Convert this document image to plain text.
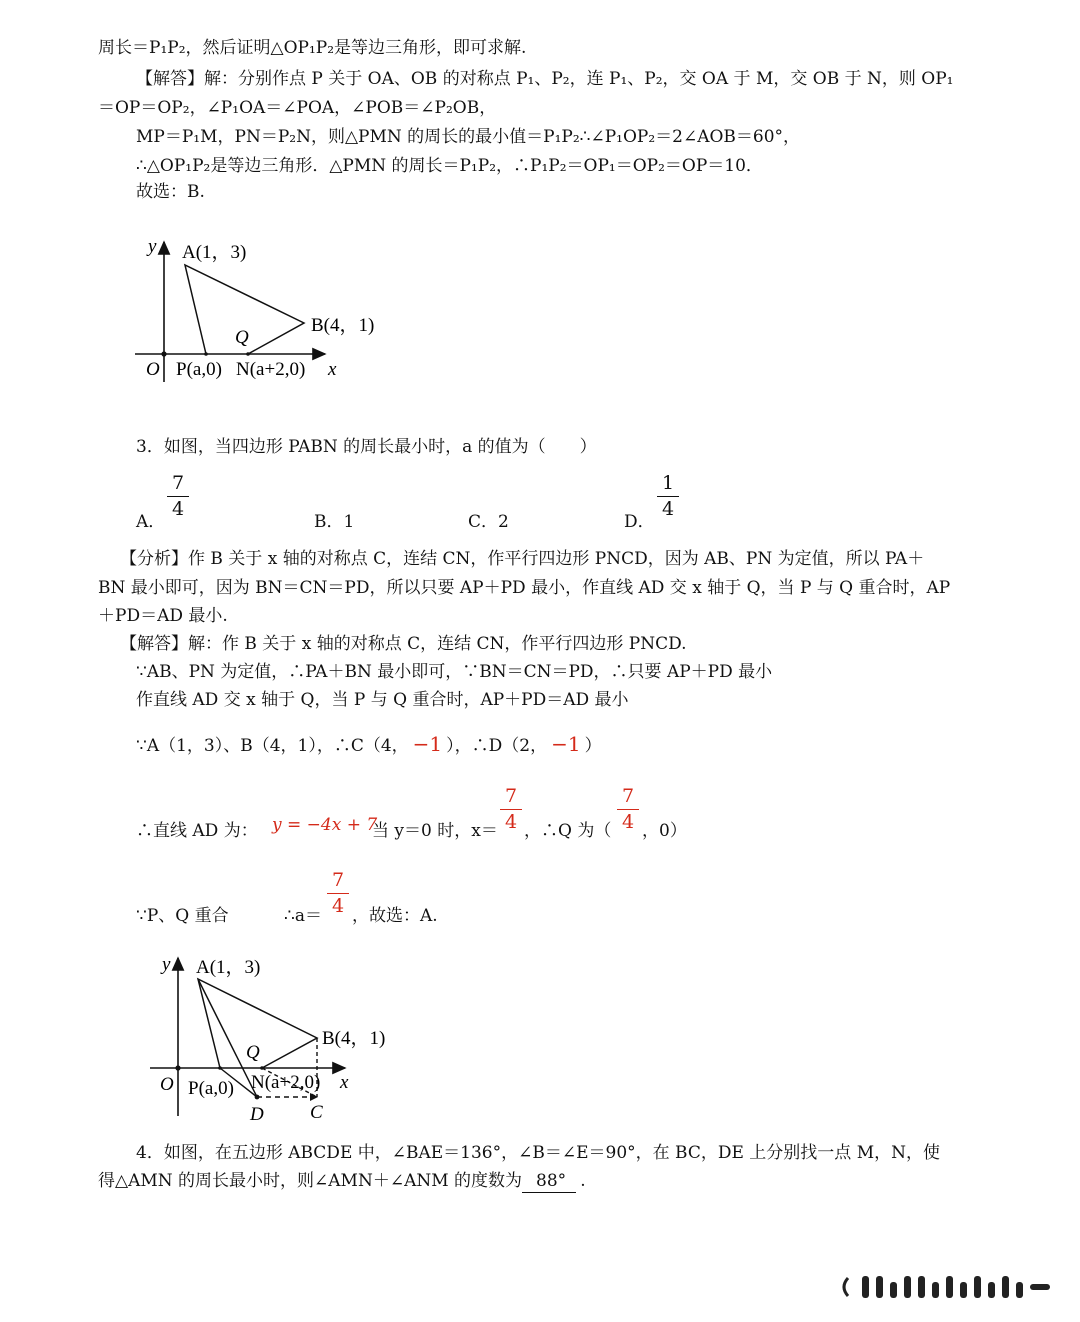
周长＝P₁P₂，然后证明△OP₁P₂是等边三角形，即可求解.
【解答】解：分别作点 P 关于 OA、OB 的对称点 P₁、P₂，连 P₁、P₂，交 OA 于 M，交 OB 于 N，则 OP₁
＝OP＝OP₂，∠P₁OA＝∠POA，∠POB＝∠P₂OB，
MP＝P₁M，PN＝P₂N，则△PMN 的周长的最小值＝P₁P₂∴∠P₁OP₂＝2∠AOB＝60°，
∴△OP₁P₂是等边三角形．△PMN 的周长＝P₁P₂，∴P₁P₂＝OP₁＝OP₂＝OP＝10．
故选：B.
y A(1，3)
B(4，1)
Q
O P(a,0) N(a+2,0) x
3．如图，当四边形 PABN 的周长最小时，a 的值为（　　）
A．
7
4
B．1	C．2	D．
1
4
【分析】作 B 关于 x 轴的对称点 C，连结 CN，作平行四边形 PNCD，因为 AB、PN 为定值，所以 PA＋
BN 最小即可，因为 BN＝CN＝PD，所以只要 AP＋PD 最小，作直线 AD 交 x 轴于 Q，当 P 与 Q 重合时，AP
＋PD＝AD 最小.
【解答】解：作 B 关于 x 轴的对称点 C，连结 CN，作平行四边形 PNCD.
∵AB、PN 为定值，∴PA＋BN 最小即可，∵BN＝CN＝PD，∴只要 AP＋PD 最小
作直线 AD 交 x 轴于 Q，当 P 与 Q 重合时，AP＋PD＝AD 最小
∵A（1，3）、B（4，1），∴C（4， −1 ），∴D（2， −1 ）
∴直线 AD 为： y = −4x + 7
当 y＝0 时，x＝
7
4 ，∴Q 为（
7
4 ，0）
∵P、Q 重合	∴a＝
7
4 ，故选：A.
y A(1，3)
B(4，1)
Q
O P(a,0) N(a+2,0) x
D C
4．如图，在五边形 ABCDE 中，∠BAE＝136°，∠B＝∠E＝90°，在 BC，DE 上分别找一点 M，N，使
得△AMN 的周长最小时，则∠AMN＋∠ANM 的度数为 88° .
